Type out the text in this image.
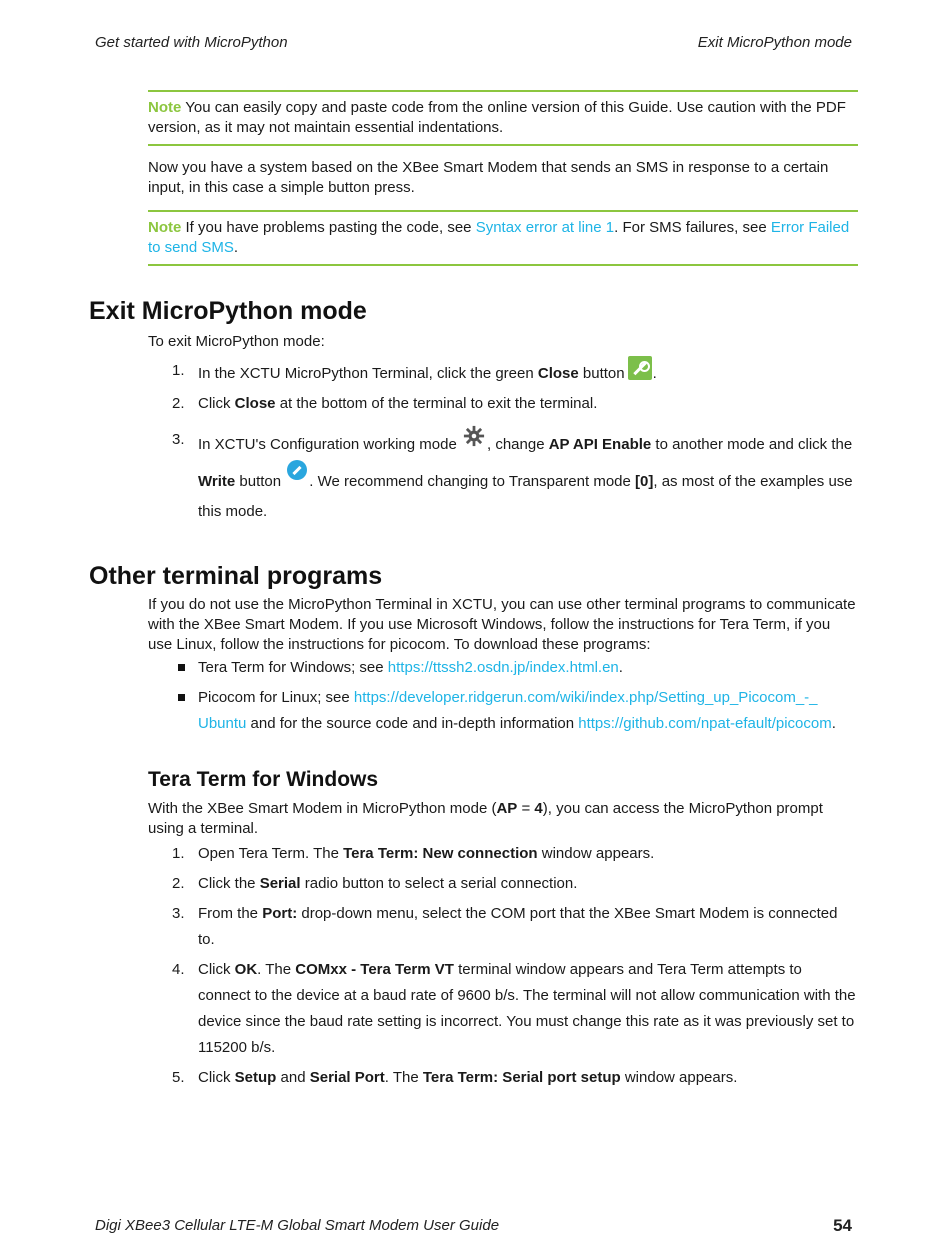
Get started with MicroPython	Exit MicroPython mode
Note You can easily copy and paste code from the online version of this Guide. Use caution with the PDF version, as it may not maintain essential indentations.

Now you have a system based on the XBee Smart Modem that sends an SMS in response to a certain input, in this case a simple button press.

Note If you have problems pasting the code, see Syntax error at line 1. For SMS failures, see Error Failed to send SMS.
Exit MicroPython mode

To exit MicroPython mode:

1. In the XCTU MicroPython Terminal, click the green Close button .
2. Click Close at the bottom of the terminal to exit the terminal.
3. In XCTU's Configuration working mode , change AP API Enable to another mode and click the Write button . We recommend changing to Transparent mode [0], as most of the examples use this mode.
Other terminal programs

If you do not use the MicroPython Terminal in XCTU, you can use other terminal programs to communicate with the XBee Smart Modem. If you use Microsoft Windows, follow the instructions for Tera Term, if you use Linux, follow the instructions for picocom. To download these programs:

Tera Term for Windows; see https://ttssh2.osdn.jp/index.html.en.
Picocom for Linux; see https://developer.ridgerun.com/wiki/index.php/Setting_up_Picocom_-_ Ubuntu and for the source code and in-depth information https://github.com/npat-efault/picocom.
Tera Term for Windows

With the XBee Smart Modem in MicroPython mode (AP = 4), you can access the MicroPython prompt using a terminal.

1. Open Tera Term. The Tera Term: New connection window appears.
2. Click the Serial radio button to select a serial connection.
3. From the Port: drop-down menu, select the COM port that the XBee Smart Modem is connected to.
4. Click OK. The COMxx - Tera Term VT terminal window appears and Tera Term attempts to connect to the device at a baud rate of 9600 b/s. The terminal will not allow communication with the device since the baud rate setting is incorrect. You must change this rate as it was previously set to 115200 b/s.
5. Click Setup and Serial Port. The Tera Term: Serial port setup window appears.
Digi XBee3 Cellular LTE-M Global Smart Modem User Guide	54
